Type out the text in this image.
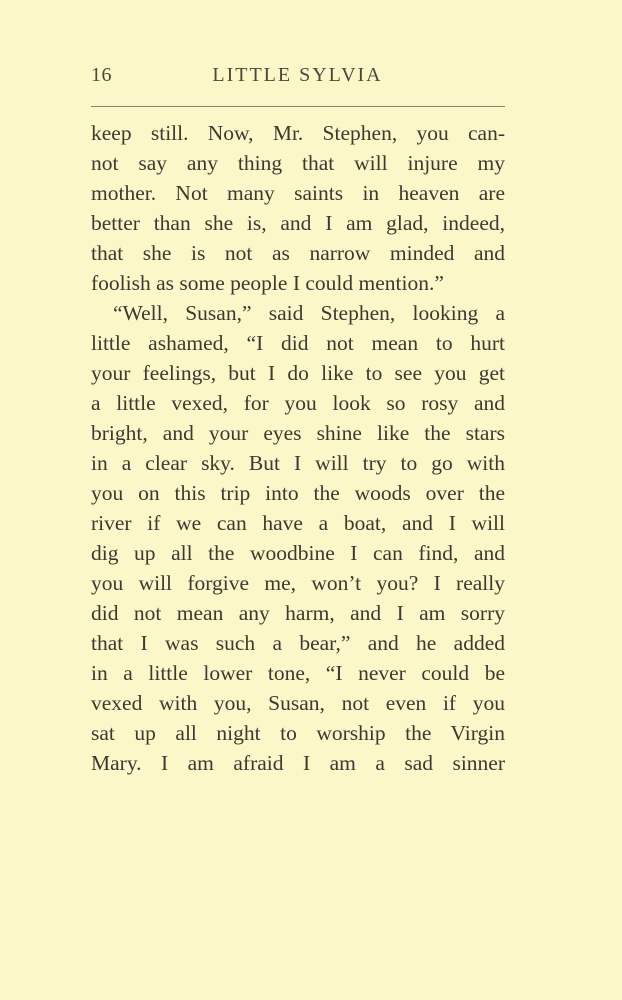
16	LITTLE SYLVIA
keep still. Now, Mr. Stephen, you can-
not say any thing that will injure my
mother. Not many saints in heaven are
better than she is, and I am glad, indeed,
that she is not as narrow minded and
foolish as some people I could mention.”
“Well, Susan,” said Stephen, looking a
little ashamed, “I did not mean to hurt
your feelings, but I do like to see you get
a little vexed, for you look so rosy and
bright, and your eyes shine like the stars
in a clear sky. But I will try to go with
you on this trip into the woods over the
river if we can have a boat, and I will
dig up all the woodbine I can find, and
you will forgive me, won’t you? I really
did not mean any harm, and I am sorry
that I was such a bear,” and he added
in a little lower tone, “I never could be
vexed with you, Susan, not even if you
sat up all night to worship the Virgin
Mary. I am afraid I am a sad sinner
